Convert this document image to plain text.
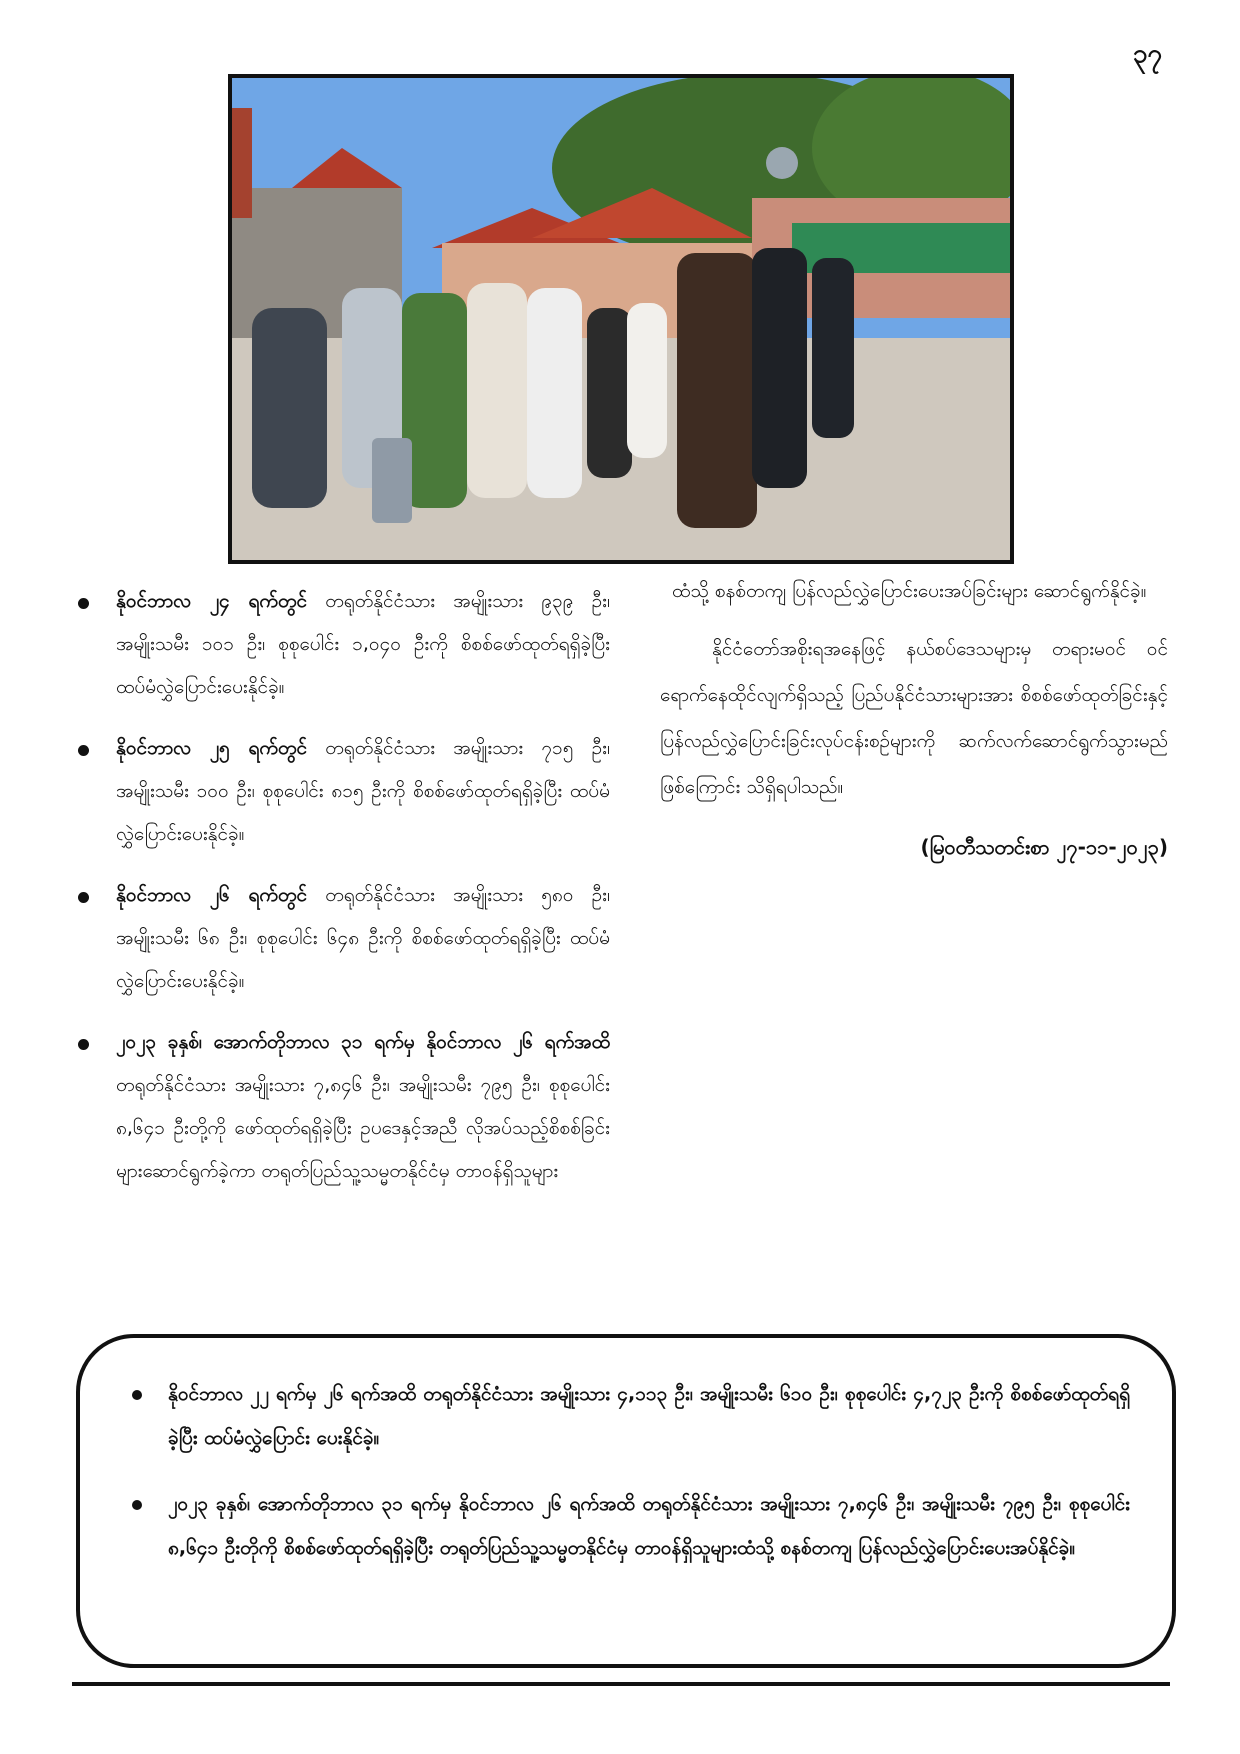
၃၇
နိုဝင်ဘာလ ၂၄ ရက်တွင် တရုတ်နိုင်ငံသား အမျိုးသား ၉၃၉ ဦး၊ အမျိုးသမီး ၁၀၁ ဦး၊ စုစုပေါင်း ၁,၀၄၀ ဦးကို စိစစ်ဖော်ထုတ်ရရှိခဲ့ပြီး ထပ်မံလွှဲပြောင်းပေးနိုင်ခဲ့။
နိုဝင်ဘာလ ၂၅ ရက်တွင် တရုတ်နိုင်ငံသား အမျိုးသား ၇၁၅ ဦး၊ အမျိုးသမီး ၁၀၀ ဦး၊ စုစုပေါင်း ၈၁၅ ဦးကို စိစစ်ဖော်ထုတ်ရရှိခဲ့ပြီး ထပ်မံလွှဲပြောင်းပေးနိုင်ခဲ့။
နိုဝင်ဘာလ ၂၆ ရက်တွင် တရုတ်နိုင်ငံသား အမျိုးသား ၅၈၀ ဦး၊ အမျိုးသမီး ၆၈ ဦး၊ စုစုပေါင်း ၆၄၈ ဦးကို စိစစ်ဖော်ထုတ်ရရှိခဲ့ပြီး ထပ်မံလွှဲပြောင်းပေးနိုင်ခဲ့။
၂၀၂၃ ခုနှစ်၊ အောက်တိုဘာလ ၃၁ ရက်မှ နိုဝင်ဘာလ ၂၆ ရက်အထိ တရုတ်နိုင်ငံသား အမျိုးသား ၇,၈၄၆ ဦး၊ အမျိုးသမီး ၇၉၅ ဦး၊ စုစုပေါင်း ၈,၆၄၁ ဦးတို့ကို ဖော်ထုတ်ရရှိခဲ့ပြီး ဥပဒေနှင့်အညီ လိုအပ်သည့်စိစစ်ခြင်းများဆောင်ရွက်ခဲ့ကာ တရုတ်ပြည်သူ့သမ္မတနိုင်ငံမှ တာဝန်ရှိသူများ

ထံသို့ စနစ်တကျ ပြန်လည်လွှဲပြောင်းပေးအပ်ခြင်းများ ဆောင်ရွက်နိုင်ခဲ့။

နိုင်ငံတော်အစိုးရအနေဖြင့် နယ်စပ်ဒေသများမှ တရားမဝင် ဝင်ရောက်နေထိုင်လျက်ရှိသည့် ပြည်ပနိုင်ငံသားများအား စိစစ်ဖော်ထုတ်ခြင်းနှင့် ပြန်လည်လွှဲပြောင်းခြင်းလုပ်ငန်းစဉ်များကို ဆက်လက်ဆောင်ရွက်သွားမည်ဖြစ်ကြောင်း သိရှိရပါသည်။

(မြဝတီသတင်းစာ ၂၇-၁၁-၂၀၂၃)
နိုဝင်ဘာလ ၂၂ ရက်မှ ၂၆ ရက်အထိ တရုတ်နိုင်ငံသား အမျိုးသား ၄,၁၁၃ ဦး၊ အမျိုးသမီး ၆၁၀ ဦး၊ စုစုပေါင်း ၄,၇၂၃ ဦးကို စိစစ်ဖော်ထုတ်ရရှိခဲ့ပြီး ထပ်မံလွှဲပြောင်း ပေးနိုင်ခဲ့။
၂၀၂၃ ခုနှစ်၊ အောက်တိုဘာလ ၃၁ ရက်မှ နိုဝင်ဘာလ ၂၆ ရက်အထိ တရုတ်နိုင်ငံသား အမျိုးသား ၇,၈၄၆ ဦး၊ အမျိုးသမီး ၇၉၅ ဦး၊ စုစုပေါင်း ၈,၆၄၁ ဦးတိုကို စိစစ်ဖော်ထုတ်ရရှိခဲ့ပြီး တရုတ်ပြည်သူ့သမ္မတနိုင်ငံမှ တာဝန်ရှိသူများထံသို့ စနစ်တကျ ပြန်လည်လွှဲပြောင်းပေးအပ်နိုင်ခဲ့။
